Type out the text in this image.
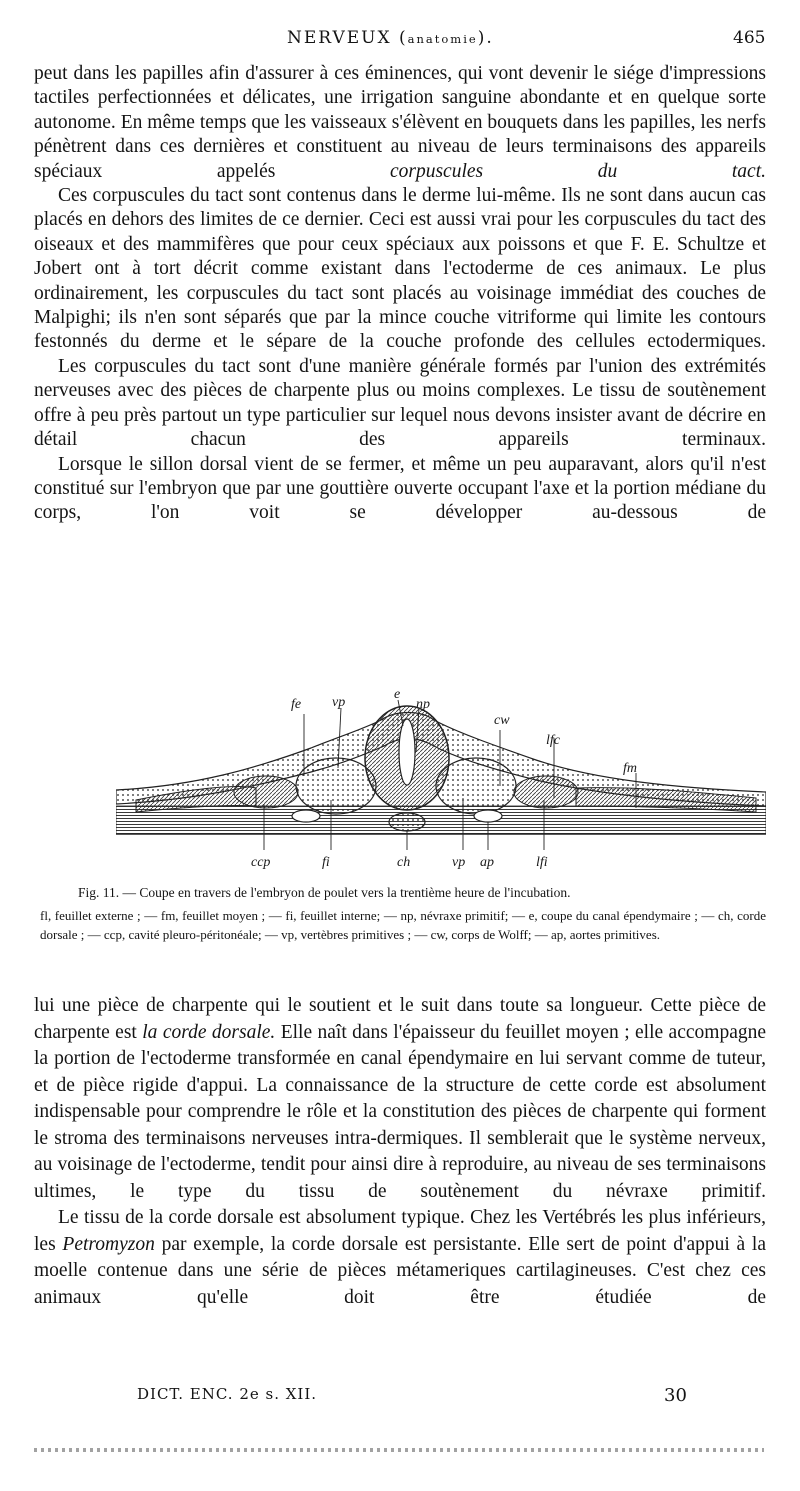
NERVEUX (anatomie).	465

peut dans les papilles afin d'assurer à ces éminences, qui vont devenir le siége d'impressions tactiles perfectionnées et délicates, une irrigation sanguine abondante et en quelque sorte autonome. En même temps que les vaisseaux s'élèvent en bouquets dans les papilles, les nerfs pénètrent dans ces dernières et constituent au niveau de leurs terminaisons des appareils spéciaux appelés	corpuscules du tact.

Ces corpuscules du tact sont contenus dans le derme lui-même. Ils ne sont dans aucun cas placés en dehors des limites de ce dernier. Ceci est aussi vrai pour les corpuscules du tact des oiseaux et des mammifères que pour ceux spéciaux aux poissons et que F. E. Schultze et Jobert ont à tort décrit comme existant dans l'ectoderme de ces animaux. Le plus ordinairement, les corpuscules du tact sont placés au voisinage immédiat des couches de Malpighi; ils n'en sont séparés que par la mince couche vitriforme qui limite les contours festonnés du derme et le sépare de la couche profonde des cellules ectodermiques.

Les corpuscules du tact sont d'une manière générale formés par l'union des extrémités nerveuses avec des pièces de charpente plus ou moins complexes. Le tissu de soutènement offre à peu près partout un type particulier sur lequel nous devons insister avant de décrire en détail chacun des appareils terminaux.

Lorsque le sillon dorsal vient de se fermer, et même un peu auparavant, alors qu'il n'est constitué sur l'embryon que par une gouttière ouverte occupant l'axe et la portion médiane du corps, l'on voit se développer au-dessous de

fe vp
e
np
cw
lfc
fm
ccp	fi	ch	vp ap	lfi

Fig. 11. — Coupe en travers de l'embryon de poulet vers la trentième heure de l'incubation.

fl, feuillet externe ; — fm, feuillet moyen ; — fi, feuillet interne; — np, névraxe primitif; — e, coupe du canal épendymaire ; — ch, corde dorsale ; — ccp, cavité pleuro-péritonéale; — vp, vertèbres primitives ; — cw, corps de Wolff; — ap, aortes primitives.

lui une pièce de charpente qui le soutient et le suit dans toute sa longueur. Cette pièce de charpente est la corde dorsale. Elle naît dans l'épaisseur du feuillet moyen ; elle accompagne la portion de l'ectoderme transformée en canal épendymaire en lui servant comme de tuteur, et de pièce rigide d'appui. La connaissance de la structure de cette corde est absolument indispensable pour comprendre le rôle et la constitution des pièces de charpente qui forment le stroma des terminaisons nerveuses intra-dermiques. Il semblerait que le système nerveux, au voisinage de l'ectoderme, tendit pour ainsi dire à reproduire, au niveau de ses terminaisons ultimes, le type du tissu de soutènement du névraxe primitif.

Le tissu de la corde dorsale est absolument typique. Chez les Vertébrés les plus inférieurs, les Petromyzon par exemple, la corde dorsale est persistante. Elle sert de point d'appui à la moelle contenue dans une série de pièces métameriques cartilagineuses. C'est chez ces animaux qu'elle doit être étudiée de

DICT. ENC. 2e s. XII.	30
